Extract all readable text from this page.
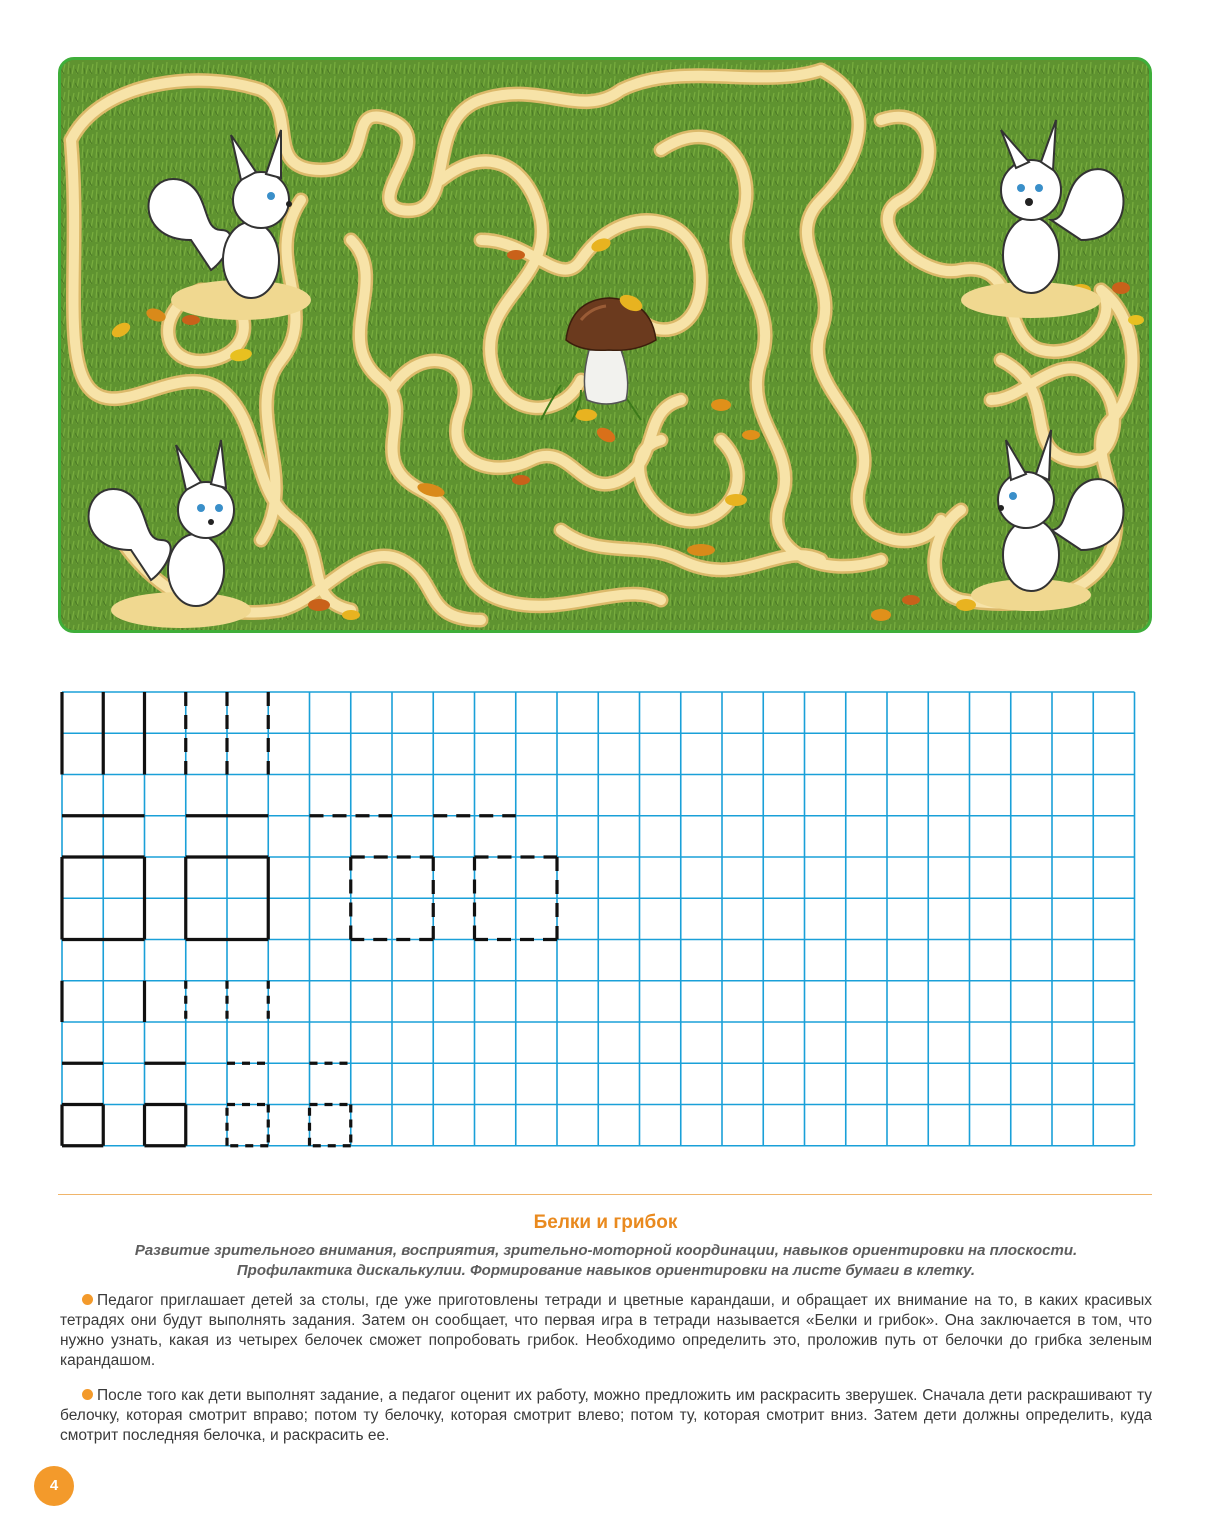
Белки и грибок
Развитие зрительного внимания, восприятия, зрительно-моторной координации, навыков ориентировки на плоскости.
Профилактика дискалькулии. Формирование навыков ориентировки на листе бумаги в клетку.

Педагог приглашает детей за столы, где уже приготовлены тетради и цветные карандаши, и обращает их внимание на то, в каких красивых тетрадях они будут выполнять задания. Затем он сообщает, что первая игра в тетради называется «Белки и грибок». Она заключается в том, что нужно узнать, какая из четырех белочек сможет попробовать грибок. Необходимо определить это, проложив путь от белочки до грибка зеленым карандашом.

После того как дети выполнят задание, а педагог оценит их работу, можно предложить им раскрасить зверушек. Сначала дети раскрашивают ту белочку, которая смотрит вправо; потом ту белочку, которая смотрит влево; потом ту, которая смотрит вниз. Затем дети должны определить, куда смотрит последняя белочка, и раскрасить ее.

4
